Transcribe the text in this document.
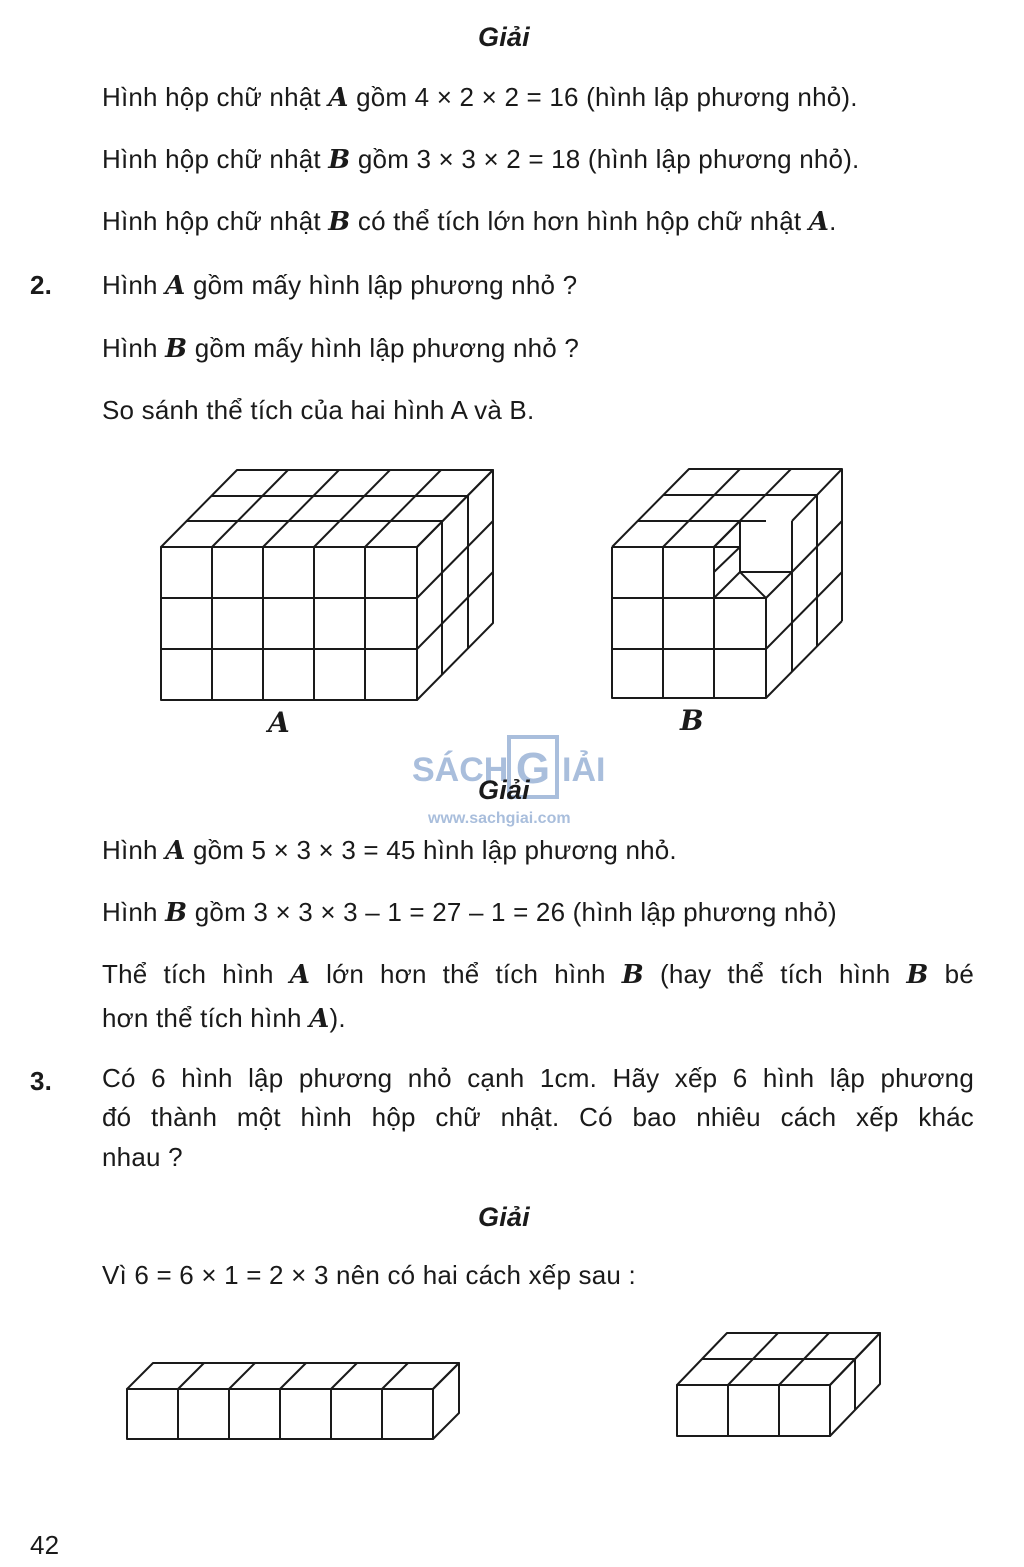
Giải
Hình hộp chữ nhật A gồm 4 × 2 × 2 = 16 (hình lập phương nhỏ).
Hình hộp chữ nhật B gồm 3 × 3 × 2 = 18 (hình lập phương nhỏ).
Hình hộp chữ nhật B có thể tích lớn hơn hình hộp chữ nhật A.
2. Hình A gồm mấy hình lập phương nhỏ ?
Hình B gồm mấy hình lập phương nhỏ ?
So sánh thể tích của hai hình A và B.
A	B
SÁCH G IẢI
www.sachgiai.com
Giải
Hình A gồm 5 × 3 × 3 = 45 hình lập phương nhỏ.
Hình B gồm 3 × 3 × 3 – 1 = 27 – 1 = 26 (hình lập phương nhỏ)
Thể tích hình A lớn hơn thể tích hình B (hay thể tích hình B bé
hơn thể tích hình A).
3. Có 6 hình lập phương nhỏ cạnh 1cm. Hãy xếp 6 hình lập phương
đó thành một hình hộp chữ nhật. Có bao nhiêu cách xếp khác
nhau ?
Giải
Vì 6 = 6 × 1 = 2 × 3 nên có hai cách xếp sau :
42
